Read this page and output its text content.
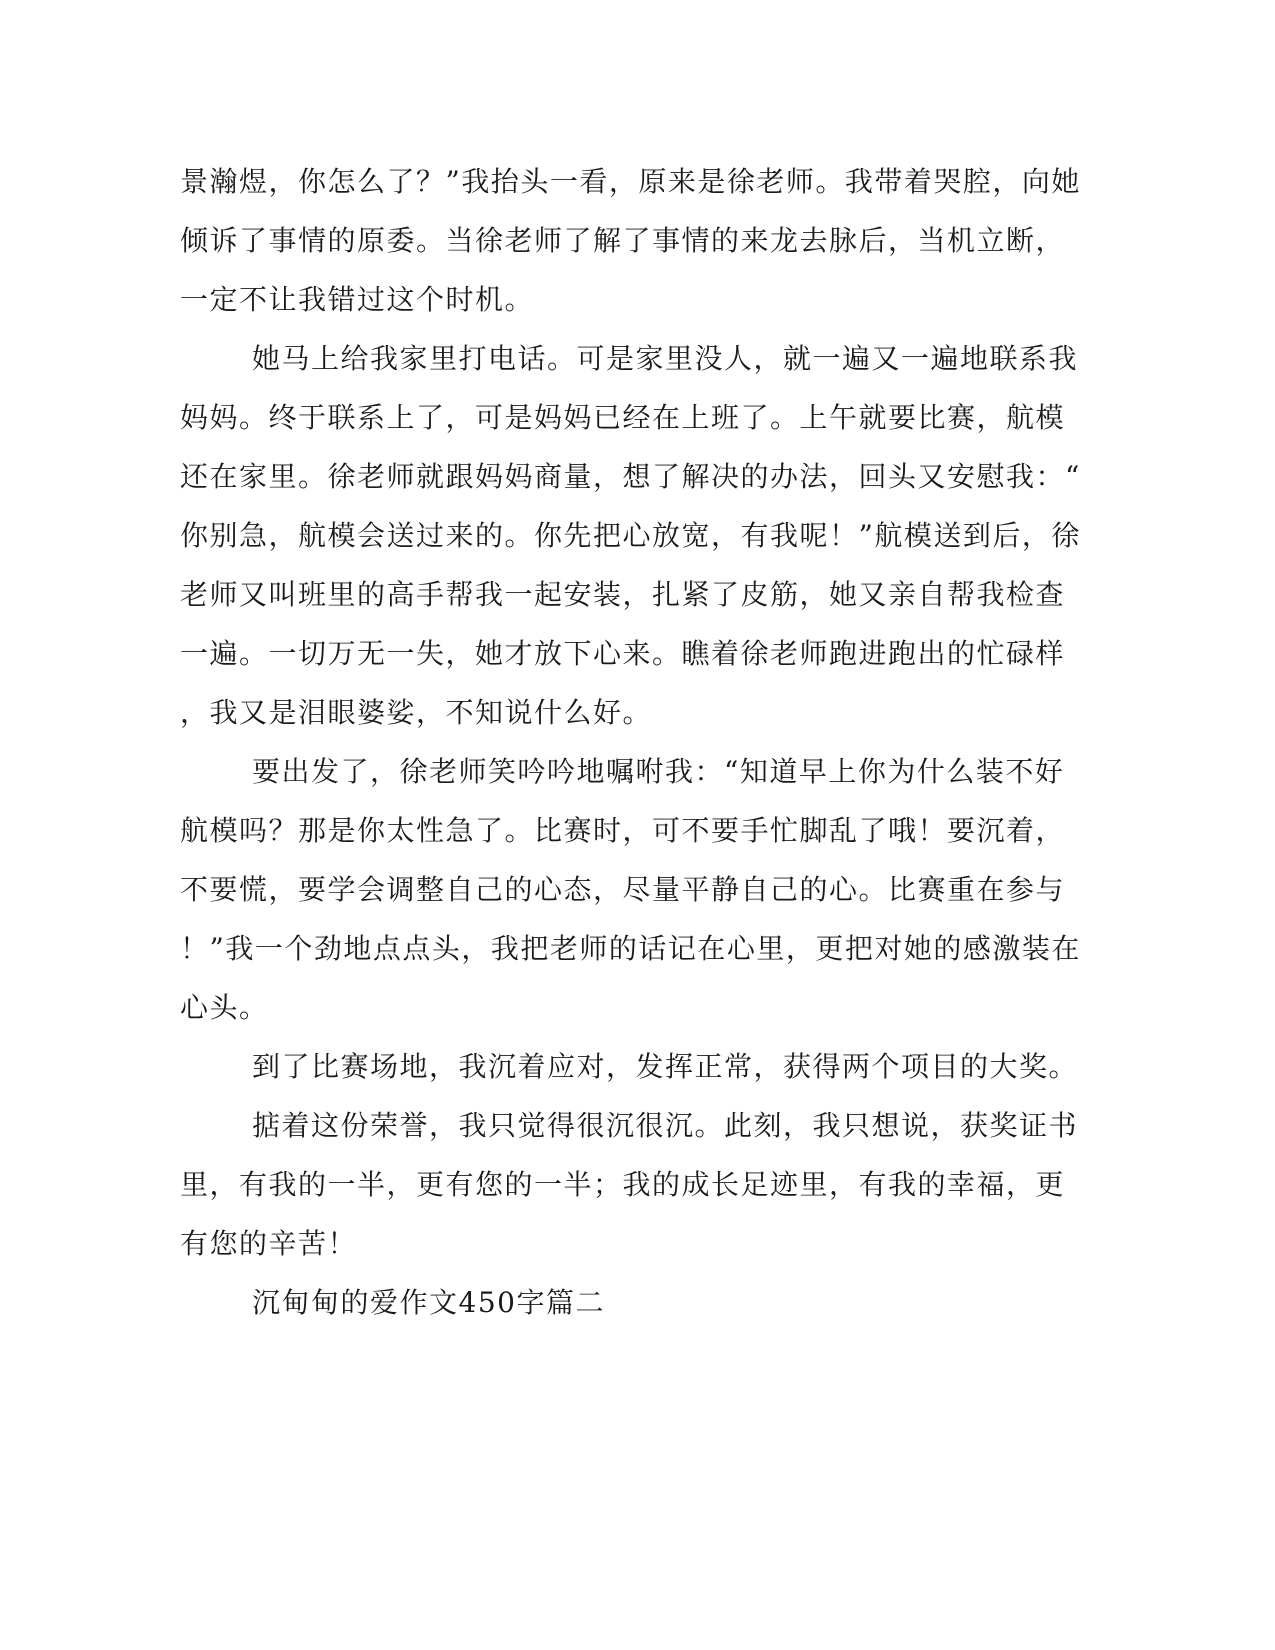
景瀚煜，你怎么了？”我抬头一看，原来是徐老师。我带着哭腔，向她
倾诉了事情的原委。当徐老师了解了事情的来龙去脉后，当机立断，
一定不让我错过这个时机。
她马上给我家里打电话。可是家里没人，就一遍又一遍地联系我
妈妈。终于联系上了，可是妈妈已经在上班了。上午就要比赛，航模
还在家里。徐老师就跟妈妈商量，想了解决的办法，回头又安慰我：“
你别急，航模会送过来的。你先把心放宽，有我呢！”航模送到后，徐
老师又叫班里的高手帮我一起安装，扎紧了皮筋，她又亲自帮我检查
一遍。一切万无一失，她才放下心来。瞧着徐老师跑进跑出的忙碌样
，我又是泪眼婆娑，不知说什么好。
要出发了，徐老师笑吟吟地嘱咐我：“知道早上你为什么装不好
航模吗？那是你太性急了。比赛时，可不要手忙脚乱了哦！要沉着，
不要慌，要学会调整自己的心态，尽量平静自己的心。比赛重在参与
！”我一个劲地点点头，我把老师的话记在心里，更把对她的感激装在
心头。
到了比赛场地，我沉着应对，发挥正常，获得两个项目的大奖。
掂着这份荣誉，我只觉得很沉很沉。此刻，我只想说，获奖证书
里，有我的一半，更有您的一半；我的成长足迹里，有我的幸福，更
有您的辛苦！
沉甸甸的爱作文450字篇二
